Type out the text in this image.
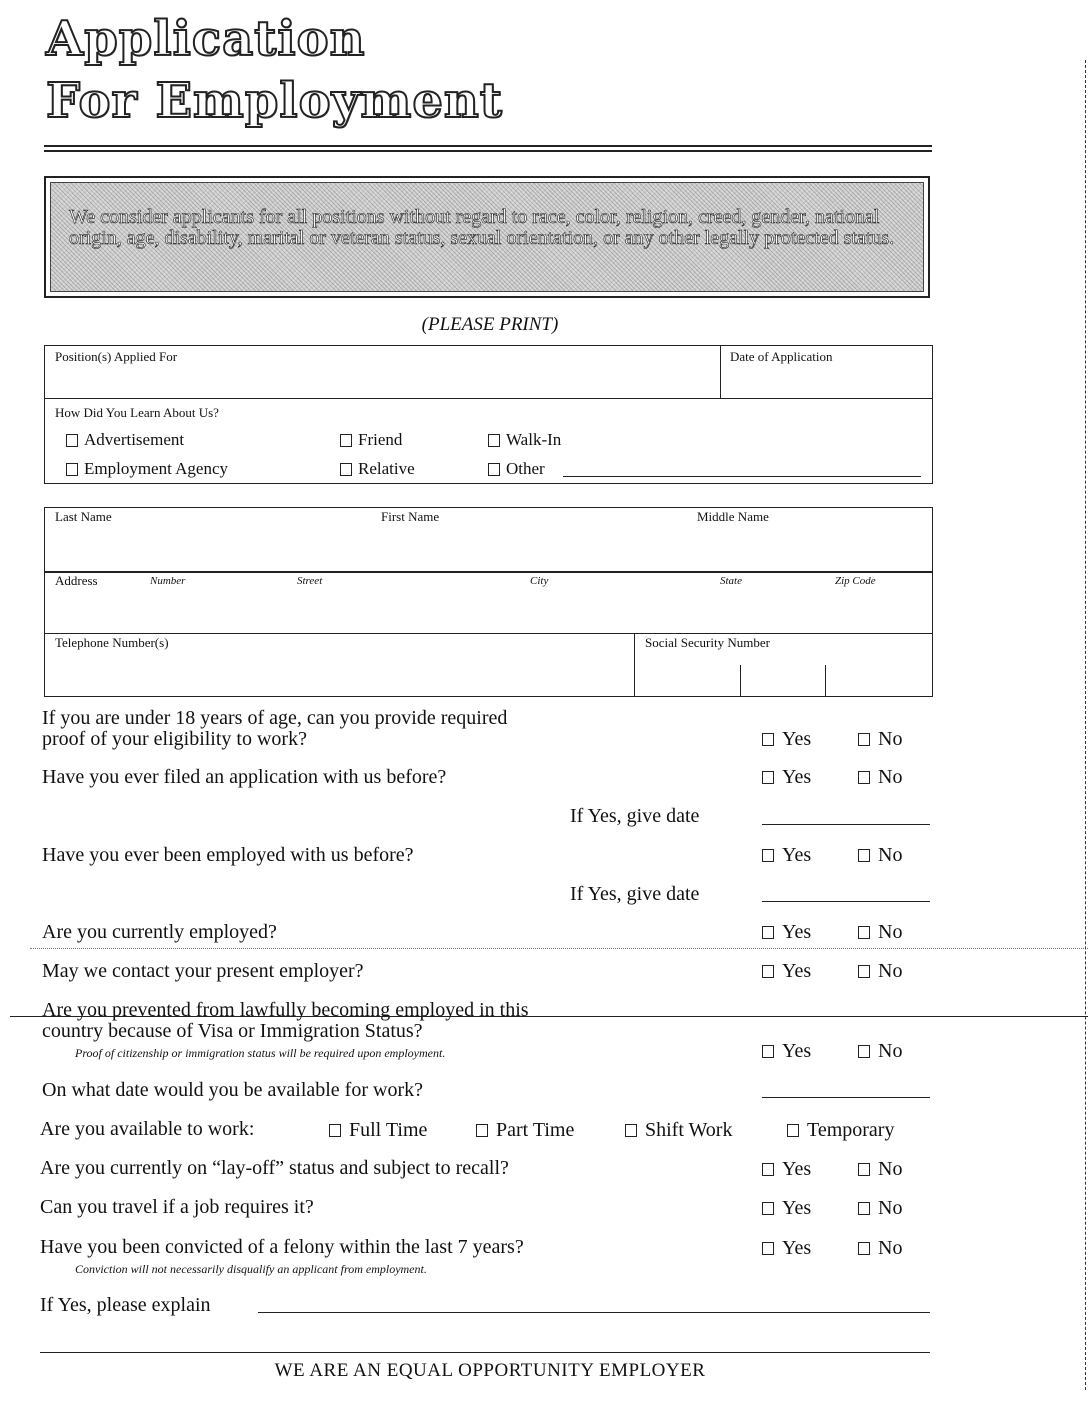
Application
For Employment
We consider applicants for all positions without regard to race, color, religion, creed, gender, national origin, age, disability, marital or veteran status, sexual orientation, or any other legally protected status.
(PLEASE PRINT)
Position(s) Applied For	Date of Application
How Did You Learn About Us?
Advertisement	Friend	Walk-In
Employment Agency	Relative	Other
Last Name	First Name	Middle Name
Address	Number	Street	City	State	Zip Code
Telephone Number(s)	Social Security Number
If you are under 18 years of age, can you provide required
proof of your eligibility to work?	Yes	No
Have you ever filed an application with us before?	Yes	No
If Yes, give date
Have you ever been employed with us before?	Yes	No
If Yes, give date
Are you currently employed?	Yes	No
May we contact your present employer?	Yes	No
Are you prevented from lawfully becoming employed in this
country because of Visa or Immigration Status?
Proof of citizenship or immigration status will be required upon employment.	Yes	No
On what date would you be available for work?
Are you available to work:	Full Time	Part Time	Shift Work	Temporary
Are you currently on “lay-off” status and subject to recall?	Yes	No
Can you travel if a job requires it?	Yes	No
Have you been convicted of a felony within the last 7 years?	Yes	No
Conviction will not necessarily disqualify an applicant from employment.
If Yes, please explain
WE ARE AN EQUAL OPPORTUNITY EMPLOYER
